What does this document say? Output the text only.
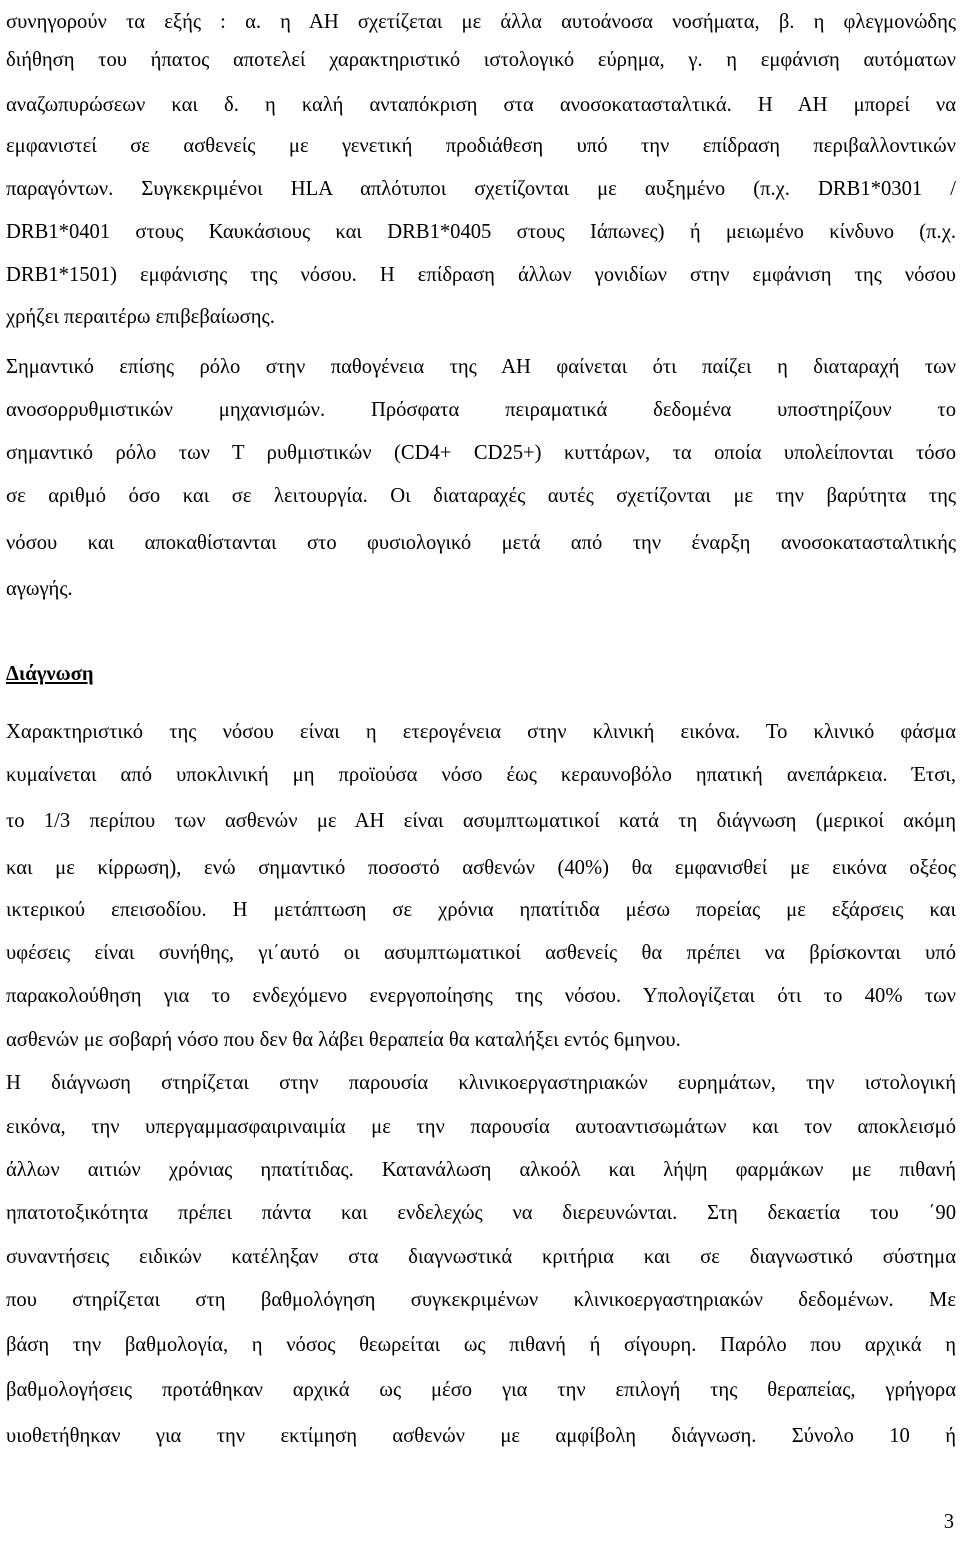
συνηγορούν τα εξής : α. η ΑΗ σχετίζεται με άλλα αυτοάνοσα νοσήματα, β. η φλεγμονώδης
διήθηση του ήπατος αποτελεί χαρακτηριστικό ιστολογικό εύρημα, γ. η εμφάνιση αυτόματων
αναζωπυρώσεων και δ. η καλή ανταπόκριση στα ανοσοκατασταλτικά. Η ΑΗ μπορεί να
εμφανιστεί σε ασθενείς με γενετική προδιάθεση υπό την επίδραση περιβαλλοντικών
παραγόντων. Συγκεκριμένοι HLA απλότυποι σχετίζονται με αυξημένο (π.χ. DRB1*0301 /
DRB1*0401 στους Καυκάσιους και DRB1*0405 στους Ιάπωνες) ή μειωμένο κίνδυνο (π.χ.
DRB1*1501) εμφάνισης της νόσου. Η επίδραση άλλων γονιδίων στην εμφάνιση της νόσου
χρήζει περαιτέρω επιβεβαίωσης.
Σημαντικό επίσης ρόλο στην παθογένεια της ΑΗ φαίνεται ότι παίζει η διαταραχή των
ανοσορρυθμιστικών μηχανισμών. Πρόσφατα πειραματικά δεδομένα υποστηρίζουν το
σημαντικό ρόλο των Τ ρυθμιστικών (CD4+ CD25+) κυττάρων, τα οποία υπολείπονται τόσο
σε αριθμό όσο και σε λειτουργία. Οι διαταραχές αυτές σχετίζονται με την βαρύτητα της
νόσου και αποκαθίστανται στο φυσιολογικό μετά από την έναρξη ανοσοκατασταλτικής
αγωγής.
Διάγνωση
Χαρακτηριστικό της νόσου είναι η ετερογένεια στην κλινική εικόνα. Το κλινικό φάσμα
κυμαίνεται από υποκλινική μη προϊούσα νόσο έως κεραυνοβόλο ηπατική ανεπάρκεια. Έτσι,
το 1/3 περίπου των ασθενών με ΑΗ είναι ασυμπτωματικοί κατά τη διάγνωση (μερικοί ακόμη
και με κίρρωση), ενώ σημαντικό ποσοστό ασθενών (40%) θα εμφανισθεί με εικόνα οξέος
ικτερικού επεισοδίου. Η μετάπτωση σε χρόνια ηπατίτιδα μέσω πορείας με εξάρσεις και
υφέσεις είναι συνήθης, γι΄αυτό οι ασυμπτωματικοί ασθενείς θα πρέπει να βρίσκονται υπό
παρακολούθηση για το ενδεχόμενο ενεργοποίησης της νόσου. Υπολογίζεται ότι το 40% των
ασθενών με σοβαρή νόσο που δεν θα λάβει θεραπεία θα καταλήξει εντός 6μηνου.
Η διάγνωση στηρίζεται στην παρουσία κλινικοεργαστηριακών ευρημάτων, την ιστολογική
εικόνα, την υπεργαμμασφαιριναιμία με την παρουσία αυτοαντισωμάτων και τον αποκλεισμό
άλλων αιτιών χρόνιας ηπατίτιδας. Κατανάλωση αλκοόλ και λήψη φαρμάκων με πιθανή
ηπατοτοξικότητα πρέπει πάντα και ενδελεχώς να διερευνώνται. Στη δεκαετία του ΄90
συναντήσεις ειδικών κατέληξαν στα διαγνωστικά κριτήρια και σε διαγνωστικό σύστημα
που στηρίζεται στη βαθμολόγηση συγκεκριμένων κλινικοεργαστηριακών δεδομένων. Με
βάση την βαθμολογία, η νόσος θεωρείται ως πιθανή ή σίγουρη. Παρόλο που αρχικά η
βαθμολογήσεις προτάθηκαν αρχικά ως μέσο για την επιλογή της θεραπείας, γρήγορα
υιοθετήθηκαν για την εκτίμηση ασθενών με αμφίβολη διάγνωση. Σύνολο 10 ή
3
